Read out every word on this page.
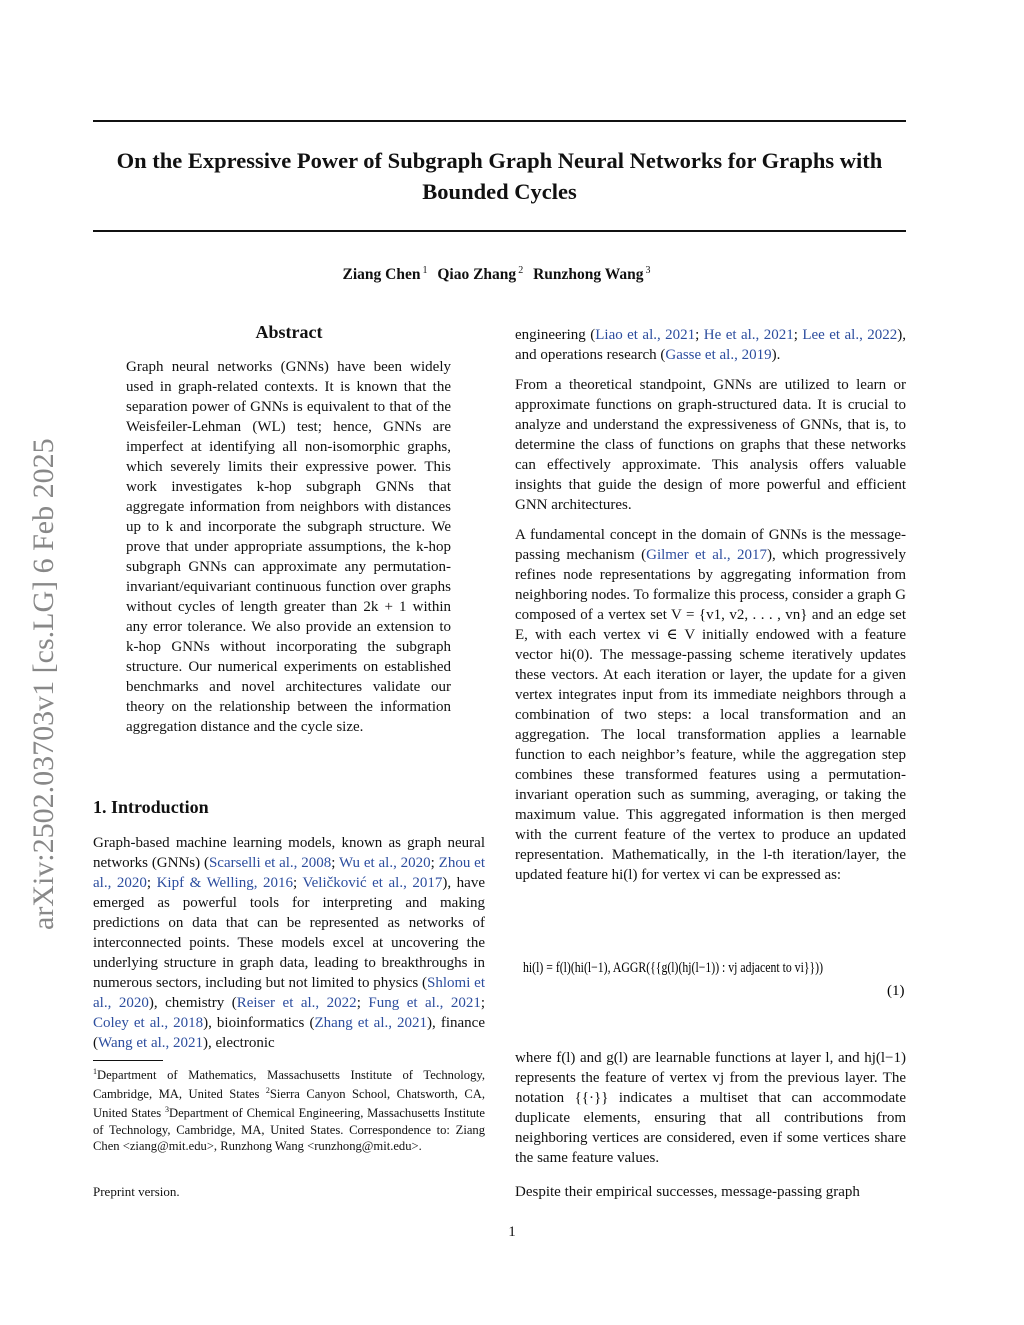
arXiv:2502.03703v1 [cs.LG] 6 Feb 2025
On the Expressive Power of Subgraph Graph Neural Networks for Graphs with Bounded Cycles
Ziang Chen $^1$ Qiao Zhang $^2$ Runzhong Wang $^3$
Abstract

Graph neural networks (GNNs) have been widely used in graph-related contexts. It is known that the separation power of GNNs is equivalent to that of the Weisfeiler-Lehman (WL) test; hence, GNNs are imperfect at identifying all non-isomorphic graphs, which severely limits their expressive power. This work investigates k-hop subgraph GNNs that aggregate information from neighbors with distances up to k and incorporate the subgraph structure. We prove that under appropriate assumptions, the k-hop subgraph GNNs can approximate any permutation-invariant/equivariant continuous function over graphs without cycles of length greater than 2k + 1 within any error tolerance. We also provide an extension to k-hop GNNs without incorporating the subgraph structure. Our numerical experiments on established benchmarks and novel architectures validate our theory on the relationship between the information aggregation distance and the cycle size.

1. Introduction

Graph-based machine learning models, known as graph neural networks (GNNs) (Scarselli et al., 2008; Wu et al., 2020; Zhou et al., 2020; Kipf & Welling, 2016; Veličković et al., 2017), have emerged as powerful tools for interpreting and making predictions on data that can be represented as networks of interconnected points. These models excel at uncovering the underlying structure in graph data, leading to breakthroughs in numerous sectors, including but not limited to physics (Shlomi et al., 2020), chemistry (Reiser et al., 2022; Fung et al., 2021; Coley et al., 2018), bioinformatics (Zhang et al., 2021), finance (Wang et al., 2021), electronic

$^1$Department of Mathematics, Massachusetts Institute of Technology, Cambridge, MA, United States $^2$Sierra Canyon School, Chatsworth, CA, United States $^3$Department of Chemical Engineering, Massachusetts Institute of Technology, Cambridge, MA, United States. Correspondence to: Ziang Chen <ziang@mit.edu>, Runzhong Wang <runzhong@mit.edu>.
Preprint version.

engineering (Liao et al., 2021; He et al., 2021; Lee et al., 2022), and operations research (Gasse et al., 2019).

From a theoretical standpoint, GNNs are utilized to learn or approximate functions on graph-structured data. It is crucial to analyze and understand the expressiveness of GNNs, that is, to determine the class of functions on graphs that these networks can effectively approximate. This analysis offers valuable insights that guide the design of more powerful and efficient GNN architectures.

A fundamental concept in the domain of GNNs is the message-passing mechanism (Gilmer et al., 2017), which progressively refines node representations by aggregating information from neighboring nodes. To formalize this process, consider a graph G composed of a vertex set V = {v1, v2, . . . , vn} and an edge set E, with each vertex vi ∈ V initially endowed with a feature vector hi(0). The message-passing scheme iteratively updates these vectors. At each iteration or layer, the update for a given vertex integrates input from its immediate neighbors through a combination of two steps: a local transformation and an aggregation. The local transformation applies a learnable function to each neighbor’s feature, while the aggregation step combines these transformed features using a permutation-invariant operation such as summing, averaging, or taking the maximum value. This aggregated information is then merged with the current feature of the vertex to produce an updated representation. Mathematically, in the l-th iteration/layer, the updated feature hi(l) for vertex vi can be expressed as:

hi(l) = f(l)(hi(l−1), AGGR({{g(l)(hj(l−1)) : vj adjacent to vi}}))
(1)

where f(l) and g(l) are learnable functions at layer l, and hj(l−1) represents the feature of vertex vj from the previous layer. The notation {{·}} indicates a multiset that can accommodate duplicate elements, ensuring that all contributions from neighboring vertices are considered, even if some vertices share the same feature values.

Despite their empirical successes, message-passing graph

1
